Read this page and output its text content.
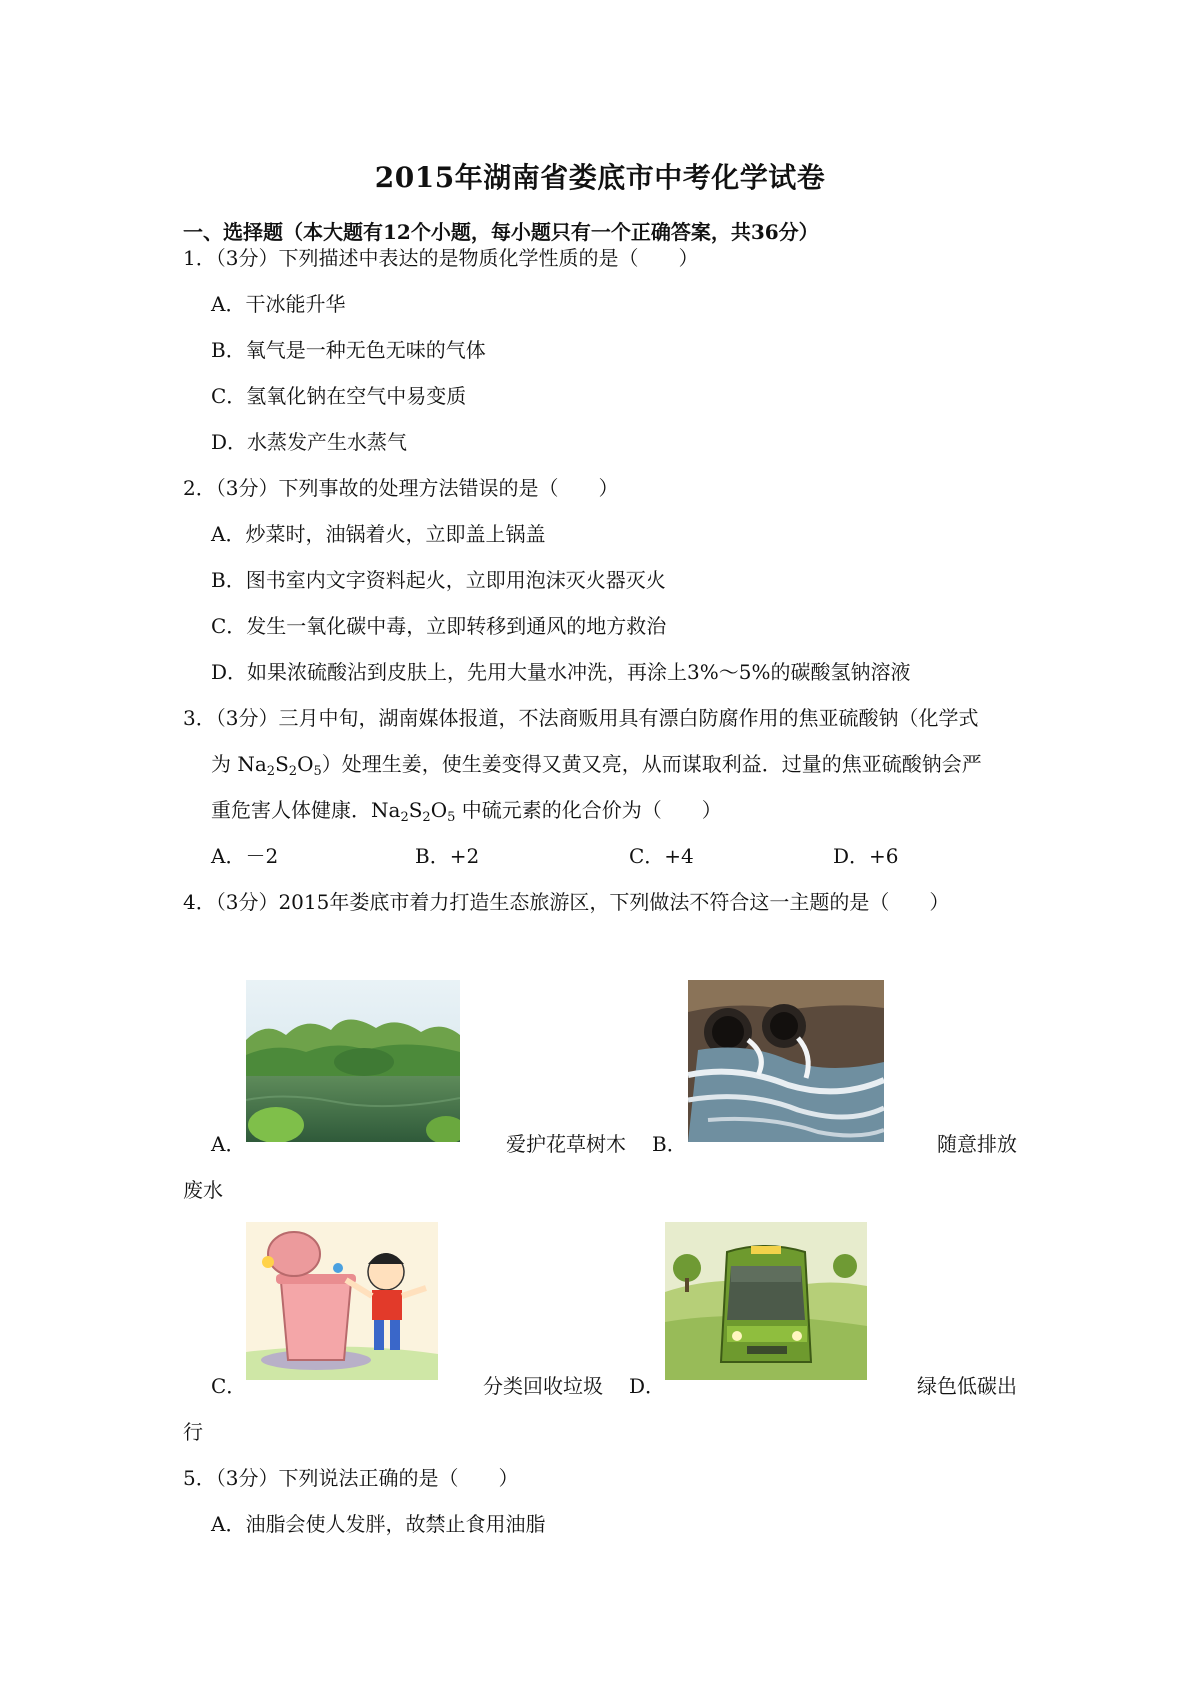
2015年湖南省娄底市中考化学试卷
一、选择题（本大题有12个小题，每小题只有一个正确答案，共36分）
1．（3分）下列描述中表达的是物质化学性质的是（　　）
A．干冰能升华
B．氧气是一种无色无味的气体
C．氢氧化钠在空气中易变质
D．水蒸发产生水蒸气
2．（3分）下列事故的处理方法错误的是（　　）
A．炒菜时，油锅着火，立即盖上锅盖
B．图书室内文字资料起火，立即用泡沫灭火器灭火
C．发生一氧化碳中毒，立即转移到通风的地方救治
D．如果浓硫酸沾到皮肤上，先用大量水冲洗，再涂上3%～5%的碳酸氢钠溶液
3．（3分）三月中旬，湖南媒体报道，不法商贩用具有漂白防腐作用的焦亚硫酸钠（化学式
为 $Na_2S_2O_5$）处理生姜，使生姜变得又黄又亮，从而谋取利益．过量的焦亚硫酸钠会严
重危害人体健康．$Na_2S_2O_5$ 中硫元素的化合价为（　　）
A．－2	B．+2	C．+4	D．+6
4．（3分）2015年娄底市着力打造生态旅游区，下列做法不符合这一主题的是（　　）
A．	爱护花草树木 B．	随意排放
废水
C．	分类回收垃圾 D．	绿色低碳出
行
5．（3分）下列说法正确的是（　　）
A．油脂会使人发胖，故禁止食用油脂
